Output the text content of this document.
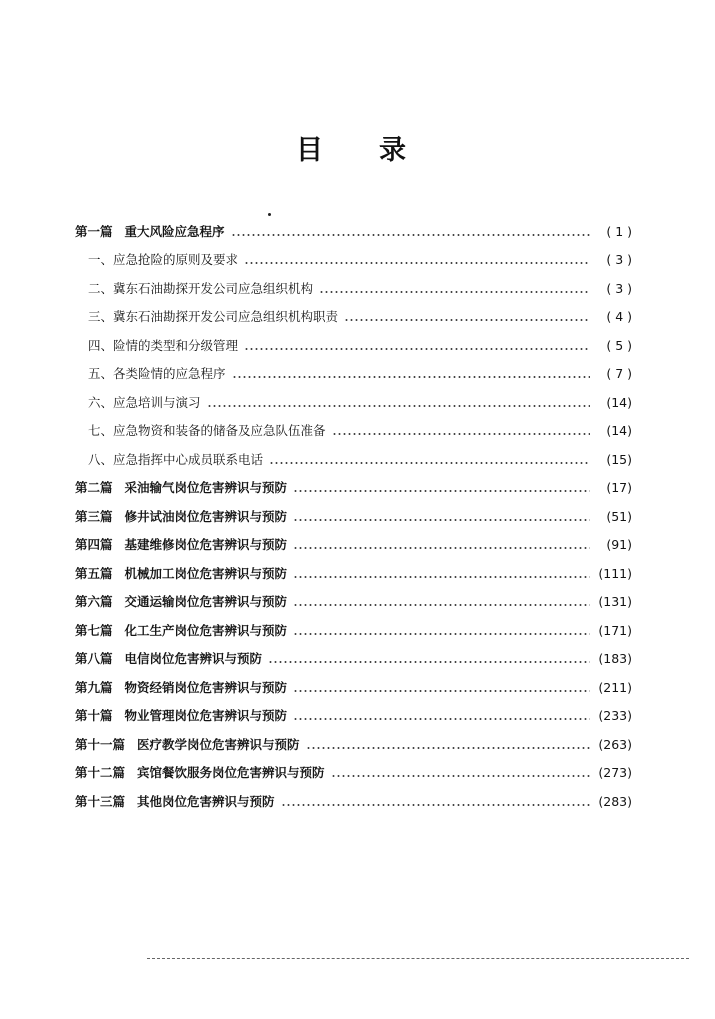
目 录
第一篇 重大风险应急程序	( 1 )
一、应急抢险的原则及要求	( 3 )
二、冀东石油勘探开发公司应急组织机构	( 3 )
三、冀东石油勘探开发公司应急组织机构职责	( 4 )
四、险情的类型和分级管理	( 5 )
五、各类险情的应急程序	( 7 )
六、应急培训与演习	(14)
七、应急物资和装备的储备及应急队伍准备	(14)
八、应急指挥中心成员联系电话	(15)
第二篇 采油输气岗位危害辨识与预防	(17)
第三篇 修井试油岗位危害辨识与预防	(51)
第四篇 基建维修岗位危害辨识与预防	(91)
第五篇 机械加工岗位危害辨识与预防	(111)
第六篇 交通运输岗位危害辨识与预防	(131)
第七篇 化工生产岗位危害辨识与预防	(171)
第八篇 电信岗位危害辨识与预防	(183)
第九篇 物资经销岗位危害辨识与预防	(211)
第十篇 物业管理岗位危害辨识与预防	(233)
第十一篇 医疗教学岗位危害辨识与预防	(263)
第十二篇 宾馆餐饮服务岗位危害辨识与预防	(273)
第十三篇 其他岗位危害辨识与预防	(283)
